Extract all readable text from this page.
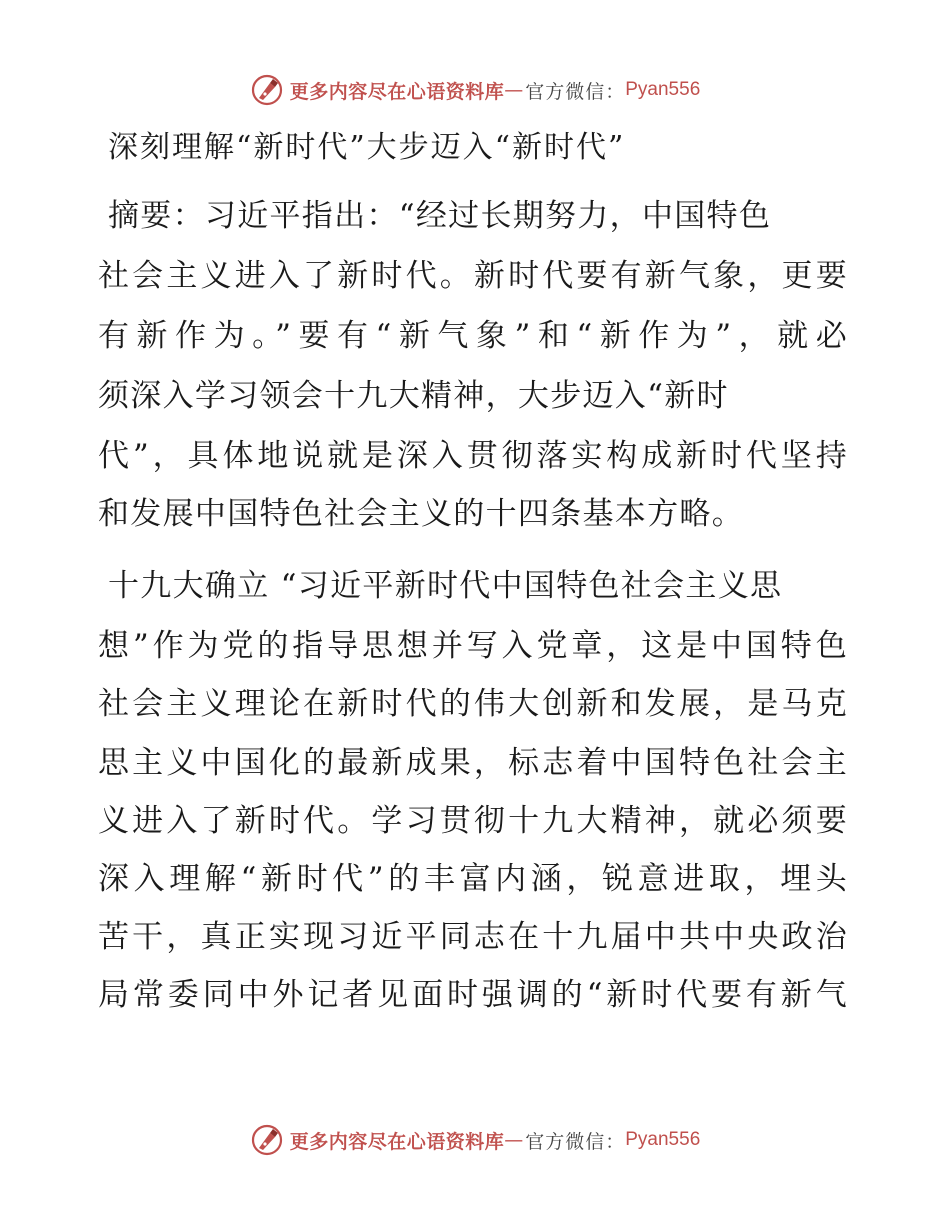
更多内容尽在心语资料库 — 官方微信： Pyan556
深刻理解“新时代”大步迈入“新时代”
摘要：习近平指出：“经过长期努力，中国特色
社会主义进入了新时代。新时代要有新气象，更要
有新作为。”要有“新气象”和“新作为”，就必
须深入学习领会十九大精神，大步迈入“新时
代”，具体地说就是深入贯彻落实构成新时代坚持
和发展中国特色社会主义的十四条基本方略。
十九大确立 “习近平新时代中国特色社会主义思
想”作为党的指导思想并写入党章，这是中国特色
社会主义理论在新时代的伟大创新和发展，是马克
思主义中国化的最新成果，标志着中国特色社会主
义进入了新时代。学习贯彻十九大精神，就必须要
深入理解“新时代”的丰富内涵，锐意进取，埋头
苦干，真正实现习近平同志在十九届中共中央政治
局常委同中外记者见面时强调的“新时代要有新气
更多内容尽在心语资料库 — 官方微信： Pyan556
